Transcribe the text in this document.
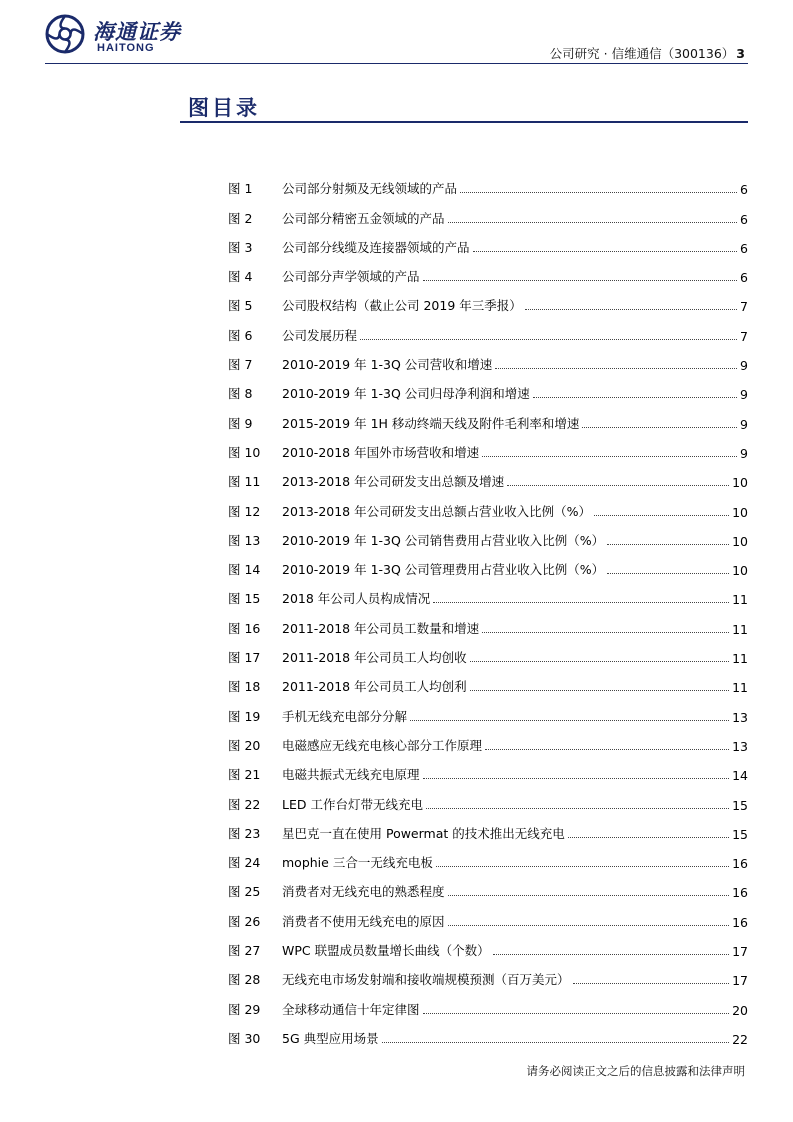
海通证券
HAITONG	公司研究 · 信维通信（300136） 3
图目录
图 1	公司部分射频及无线领域的产品	6
图 2	公司部分精密五金领域的产品	6
图 3	公司部分线缆及连接器领域的产品	6
图 4	公司部分声学领域的产品	6
图 5	公司股权结构（截止公司 2019 年三季报）	7
图 6	公司发展历程	7
图 7	2010-2019 年 1-3Q 公司营收和增速	9
图 8	2010-2019 年 1-3Q 公司归母净利润和增速	9
图 9	2015-2019 年 1H 移动终端天线及附件毛利率和增速	9
图 10	2010-2018 年国外市场营收和增速	9
图 11	2013-2018 年公司研发支出总额及增速	10
图 12	2013-2018 年公司研发支出总额占营业收入比例（%）	10
图 13	2010-2019 年 1-3Q 公司销售费用占营业收入比例（%）	10
图 14	2010-2019 年 1-3Q 公司管理费用占营业收入比例（%）	10
图 15	2018 年公司人员构成情况	11
图 16	2011-2018 年公司员工数量和增速	11
图 17	2011-2018 年公司员工人均创收	11
图 18	2011-2018 年公司员工人均创利	11
图 19	手机无线充电部分分解	13
图 20	电磁感应无线充电核心部分工作原理	13
图 21	电磁共振式无线充电原理	14
图 22	LED 工作台灯带无线充电	15
图 23	星巴克一直在使用 Powermat 的技术推出无线充电	15
图 24	mophie 三合一无线充电板	16
图 25	消费者对无线充电的熟悉程度	16
图 26	消费者不使用无线充电的原因	16
图 27	WPC 联盟成员数量增长曲线（个数）	17
图 28	无线充电市场发射端和接收端规模预测（百万美元）	17
图 29	全球移动通信十年定律图	20
图 30	5G 典型应用场景	22
请务必阅读正文之后的信息披露和法律声明
